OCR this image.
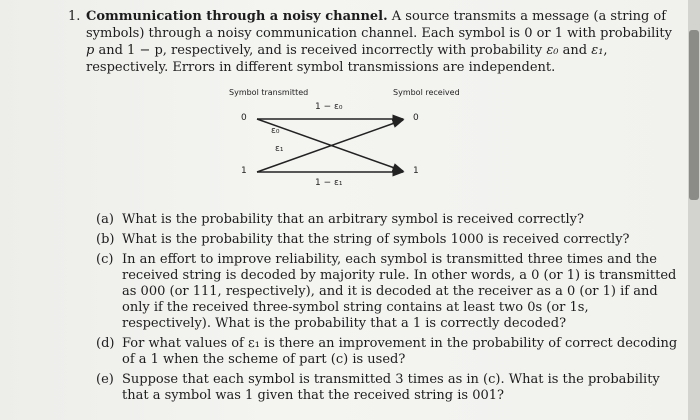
1. Communication through a noisy channel. A source transmits a message (a string of symbols) through a noisy communication channel. Each symbol is 0 or 1 with probability p and 1 − p, respectively, and is received incorrectly with probability ε₀ and ε₁, respectively. Errors in different symbol transmissions are independent.
Symbol transmitted	Symbol received
0
1
0
1
1 − ε₀
ε₀
ε₁
1 − ε₁
(a) What is the probability that an arbitrary symbol is received correctly?
(b) What is the probability that the string of symbols 1000 is received correctly?
(c) In an effort to improve reliability, each symbol is transmitted three times and the received string is decoded by majority rule. In other words, a 0 (or 1) is transmitted as 000 (or 111, respectively), and it is decoded at the receiver as a 0 (or 1) if and only if the received three-symbol string contains at least two 0s (or 1s, respectively). What is the probability that a 1 is correctly decoded?
(d) For what values of ε₁ is there an improvement in the probability of correct decoding of a 1 when the scheme of part (c) is used?
(e) Suppose that each symbol is transmitted 3 times as in (c). What is the probability that a symbol was 1 given that the received string is 001?
